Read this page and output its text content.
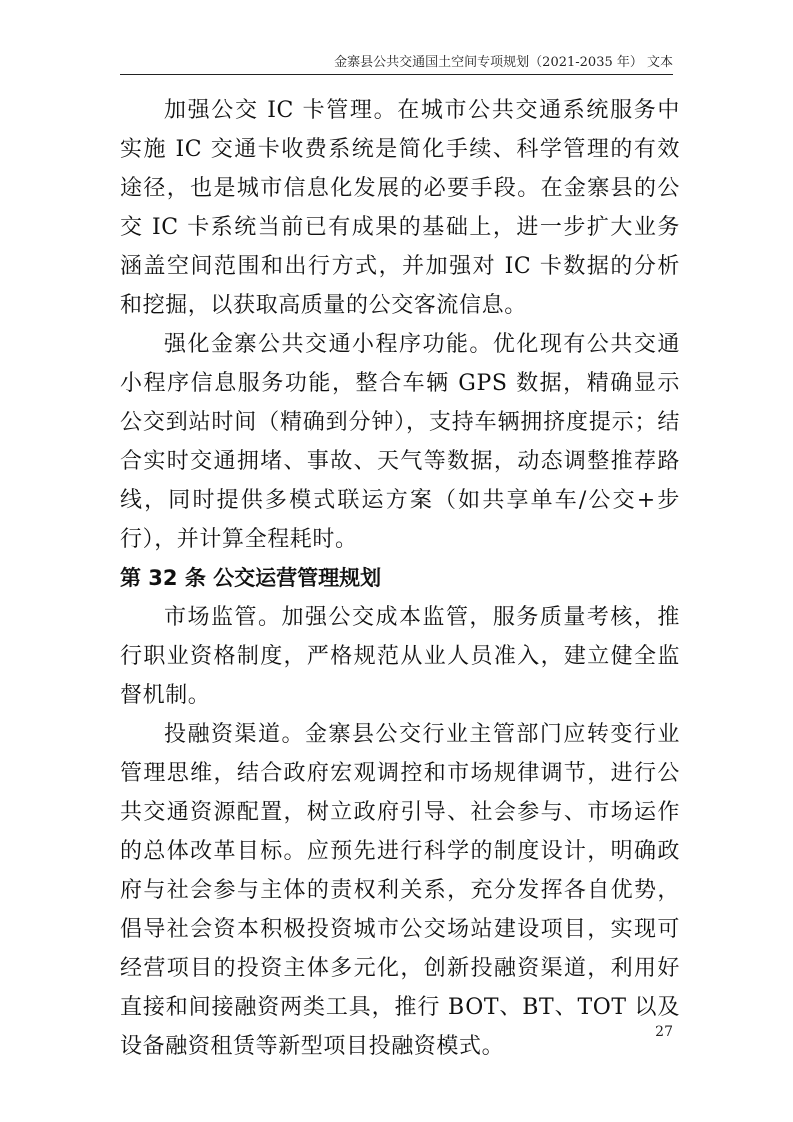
金寨县公共交通国土空间专项规划（2021-2035 年） 文本

加强公交 IC 卡管理。在城市公共交通系统服务中实施 IC 交通卡收费系统是简化手续、科学管理的有效途径，也是城市信息化发展的必要手段。在金寨县的公交 IC 卡系统当前已有成果的基础上，进一步扩大业务涵盖空间范围和出行方式，并加强对 IC 卡数据的分析和挖掘，以获取高质量的公交客流信息。

强化金寨公共交通小程序功能。优化现有公共交通小程序信息服务功能，整合车辆 GPS 数据，精确显示公交到站时间（精确到分钟），支持车辆拥挤度提示；结合实时交通拥堵、事故、天气等数据，动态调整推荐路线，同时提供多模式联运方案（如共享单车/公交+步行），并计算全程耗时。

第 32 条 公交运营管理规划

市场监管。加强公交成本监管，服务质量考核，推行职业资格制度，严格规范从业人员准入，建立健全监督机制。

投融资渠道。金寨县公交行业主管部门应转变行业管理思维，结合政府宏观调控和市场规律调节，进行公共交通资源配置，树立政府引导、社会参与、市场运作的总体改革目标。应预先进行科学的制度设计，明确政府与社会参与主体的责权利关系，充分发挥各自优势，倡导社会资本积极投资城市公交场站建设项目，实现可经营项目的投资主体多元化，创新投融资渠道，利用好直接和间接融资两类工具，推行 BOT、BT、TOT 以及设备融资租赁等新型项目投融资模式。

27
